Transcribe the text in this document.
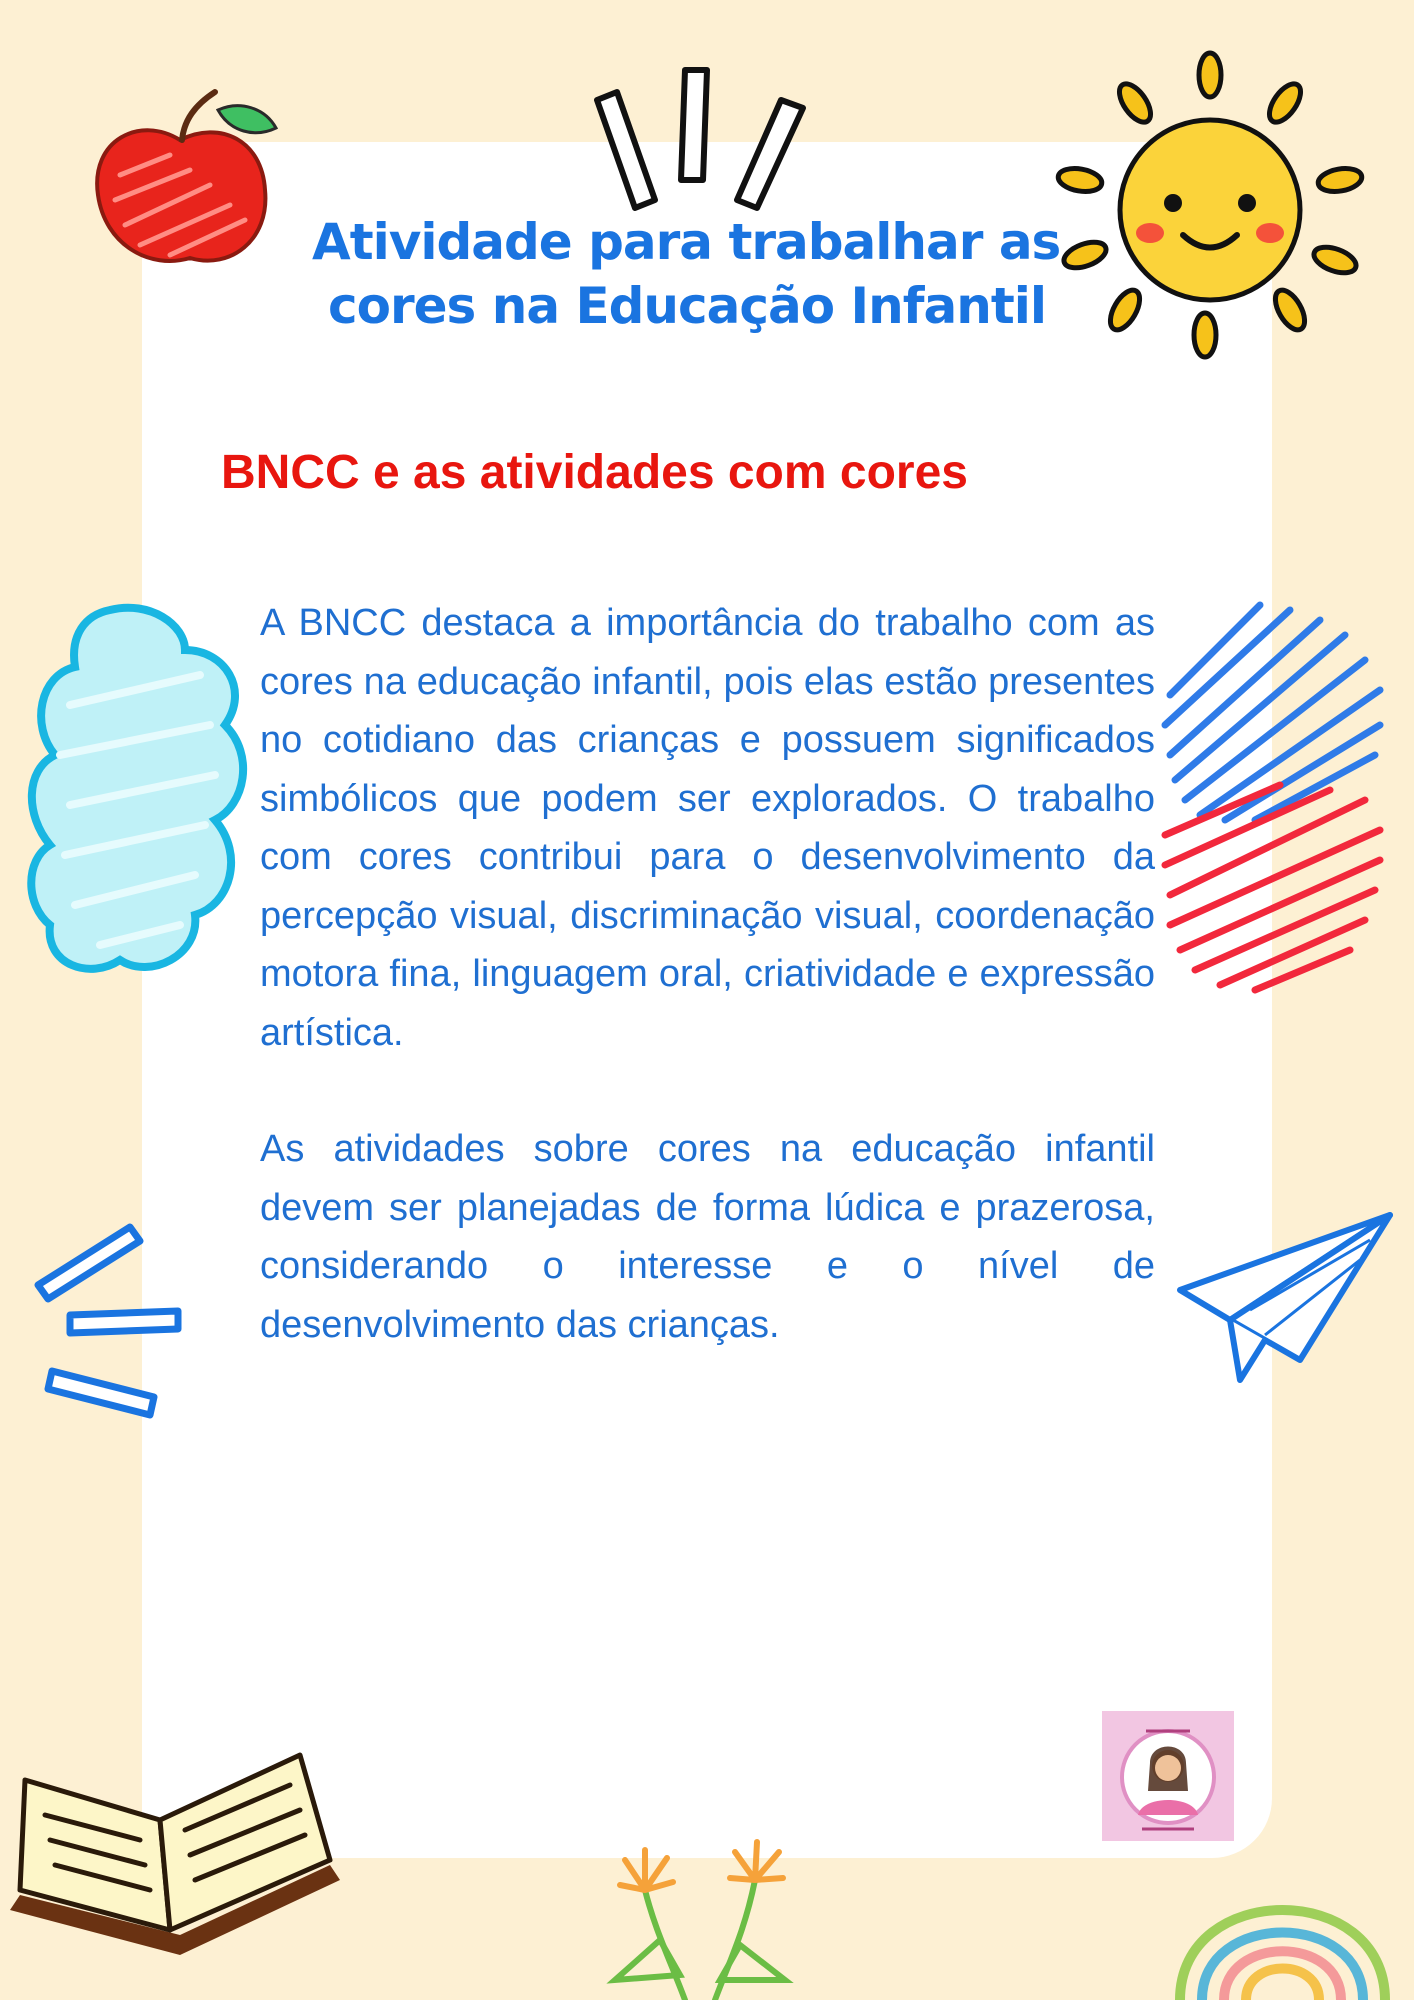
Atividade para trabalhar as
cores na Educação Infantil
BNCC e as atividades com cores

A BNCC destaca a importância do trabalho com as cores na educação infantil, pois elas estão presentes no cotidiano das crianças e possuem significados simbólicos que podem ser explorados. O trabalho com cores contribui para o desenvolvimento da percepção visual, discriminação visual, coordenação motora fina, linguagem oral, criatividade e expressão artística.

As atividades sobre cores na educação infantil devem ser planejadas de forma lúdica e prazerosa, considerando o interesse e o nível de desenvolvimento das crianças.
